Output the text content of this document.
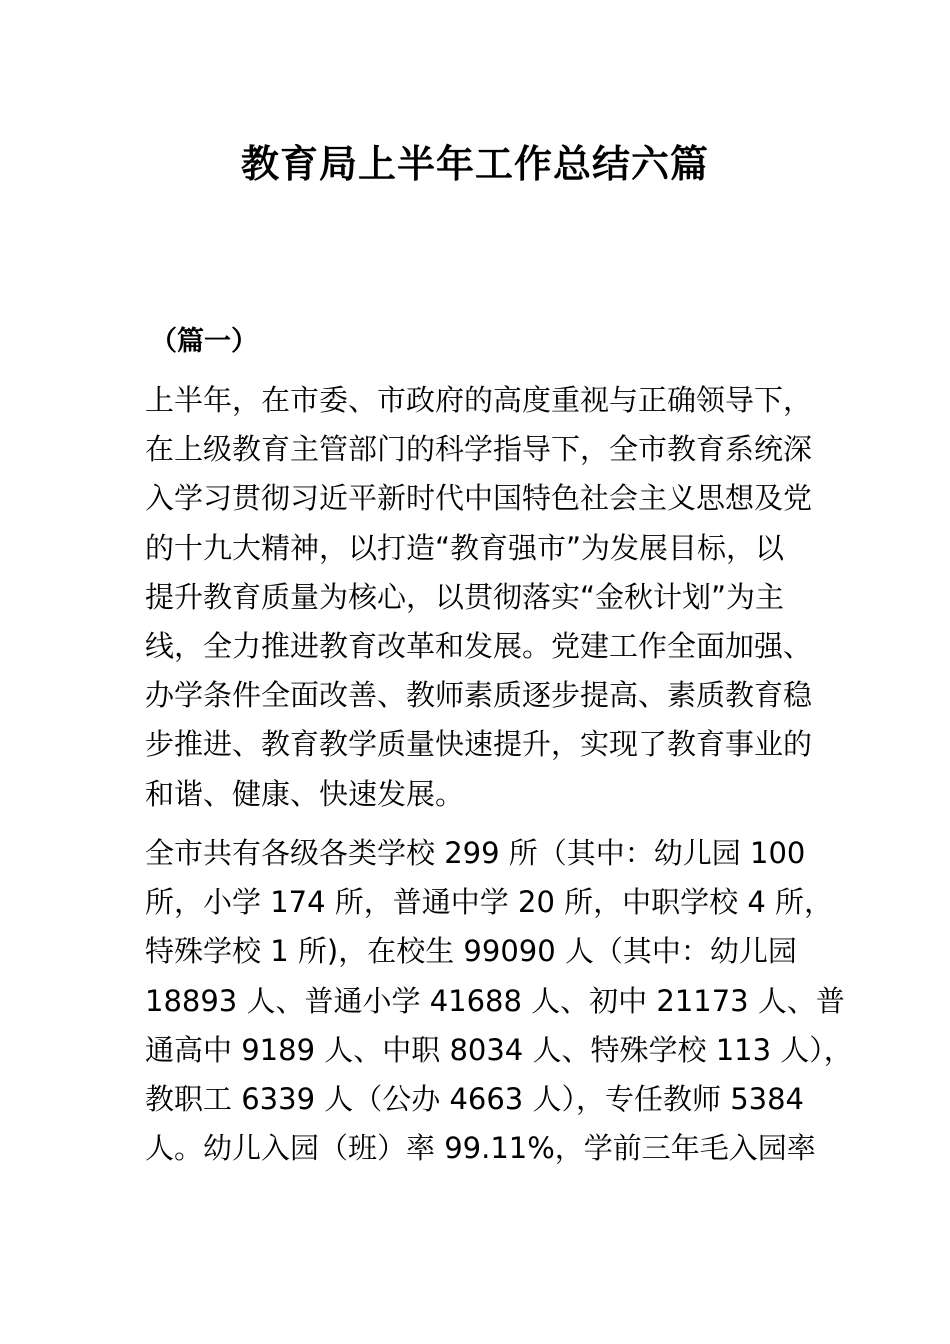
教育局上半年工作总结六篇
（篇一）

上半年，在市委、市政府的高度重视与正确领导下，
在上级教育主管部门的科学指导下，全市教育系统深
入学习贯彻习近平新时代中国特色社会主义思想及党
的十九大精神，以打造“教育强市”为发展目标，以
提升教育质量为核心，以贯彻落实“金秋计划”为主
线，全力推进教育改革和发展。党建工作全面加强、
办学条件全面改善、教师素质逐步提高、素质教育稳
步推进、教育教学质量快速提升，实现了教育事业的
和谐、健康、快速发展。

全市共有各级各类学校 299 所（其中：幼儿园 100
所，小学 174 所，普通中学 20 所，中职学校 4 所，
特殊学校 1 所)，在校生 99090 人（其中：幼儿园
18893 人、普通小学 41688 人、初中 21173 人、普
通高中 9189 人、中职 8034 人、特殊学校 113 人），
教职工 6339 人（公办 4663 人），专任教师 5384
人。幼儿入园（班）率 99.11%，学前三年毛入园率
